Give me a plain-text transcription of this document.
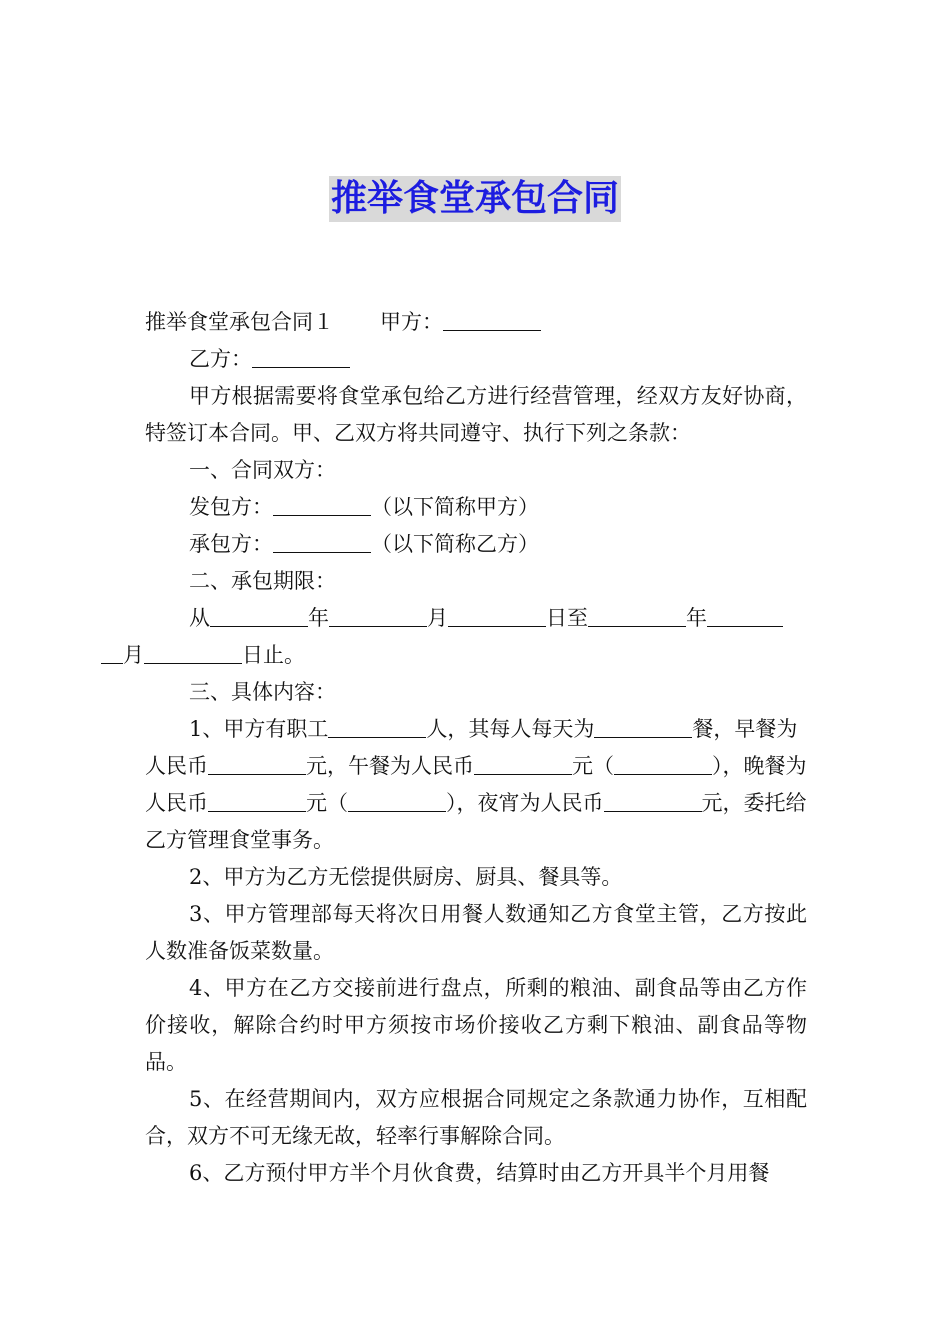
推举食堂承包合同

推举食堂承包合同１ 甲方：

乙方：

甲方根据需要将食堂承包给乙方进行经营管理，经双方友好协商，特签订本合同。甲、乙双方将共同遵守、执行下列之条款：

一、合同双方：

发包方：	（以下简称甲方）

承包方：	（以下简称乙方）

二、承包期限：

从	年	月	日至	年
月	日止。

三、具体内容：

1、甲方有职工	人，其每人每天为	餐，早餐为人民币	元，午餐为人民币	元（	），晚餐为人民币	元（	），夜宵为人民币	元，委托给乙方管理食堂事务。

2、甲方为乙方无偿提供厨房、厨具、餐具等。

3、甲方管理部每天将次日用餐人数通知乙方食堂主管，乙方按此人数准备饭菜数量。

4、甲方在乙方交接前进行盘点，所剩的粮油、副食品等由乙方作价接收，解除合约时甲方须按市场价接收乙方剩下粮油、副食品等物品。

5、在经营期间内，双方应根据合同规定之条款通力协作，互相配合，双方不可无缘无故，轻率行事解除合同。

6、乙方预付甲方半个月伙食费，结算时由乙方开具半个月用餐
